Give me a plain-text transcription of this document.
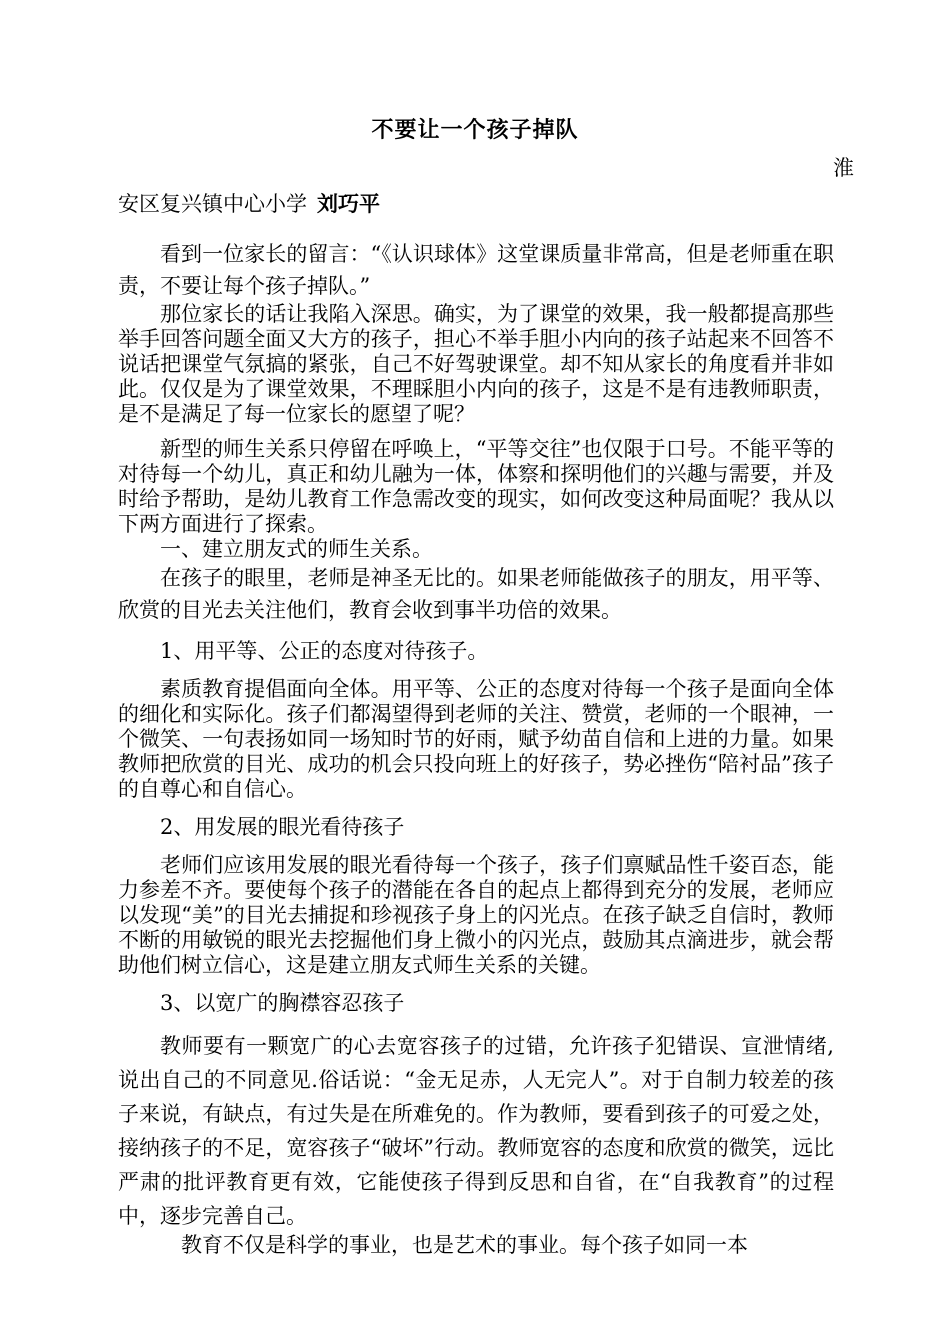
不要让一个孩子掉队
淮
安区复兴镇中心小学 刘巧平

看到一位家长的留言：“《认识球体》这堂课质量非常高，但是老师重在职责，不要让每个孩子掉队。”

那位家长的话让我陷入深思。确实，为了课堂的效果，我一般都提高那些举手回答问题全面又大方的孩子，担心不举手胆小内向的孩子站起来不回答不说话把课堂气氛搞的紧张，自己不好驾驶课堂。却不知从家长的角度看并非如此。仅仅是为了课堂效果，不理睬胆小内向的孩子，这是不是有违教师职责，是不是满足了每一位家长的愿望了呢？

新型的师生关系只停留在呼唤上，“平等交往”也仅限于口号。不能平等的对待每一个幼儿，真正和幼儿融为一体，体察和探明他们的兴趣与需要，并及时给予帮助，是幼儿教育工作急需改变的现实，如何改变这种局面呢？我从以下两方面进行了探索。

一、建立朋友式的师生关系。

在孩子的眼里，老师是神圣无比的。如果老师能做孩子的朋友，用平等、欣赏的目光去关注他们，教育会收到事半功倍的效果。

1、用平等、公正的态度对待孩子。

素质教育提倡面向全体。用平等、公正的态度对待每一个孩子是面向全体的细化和实际化。孩子们都渴望得到老师的关注、赞赏，老师的一个眼神，一个微笑、一句表扬如同一场知时节的好雨，赋予幼苗自信和上进的力量。如果教师把欣赏的目光、成功的机会只投向班上的好孩子，势必挫伤“陪衬品”孩子的自尊心和自信心。

2、用发展的眼光看待孩子

老师们应该用发展的眼光看待每一个孩子，孩子们禀赋品性千姿百态，能力参差不齐。要使每个孩子的潜能在各自的起点上都得到充分的发展，老师应以发现“美”的目光去捕捉和珍视孩子身上的闪光点。在孩子缺乏自信时，教师不断的用敏锐的眼光去挖掘他们身上微小的闪光点，鼓励其点滴进步，就会帮助他们树立信心，这是建立朋友式师生关系的关键。

3、以宽广的胸襟容忍孩子

教师要有一颗宽广的心去宽容孩子的过错，允许孩子犯错误、宣泄情绪,说出自己的不同意见.俗话说：“金无足赤，人无完人”。对于自制力较差的孩子来说，有缺点，有过失是在所难免的。作为教师，要看到孩子的可爱之处，接纳孩子的不足，宽容孩子“破坏”行动。教师宽容的态度和欣赏的微笑，远比严肃的批评教育更有效，它能使孩子得到反思和自省，在“自我教育”的过程中，逐步完善自己。

教育不仅是科学的事业，也是艺术的事业。每个孩子如同一本
